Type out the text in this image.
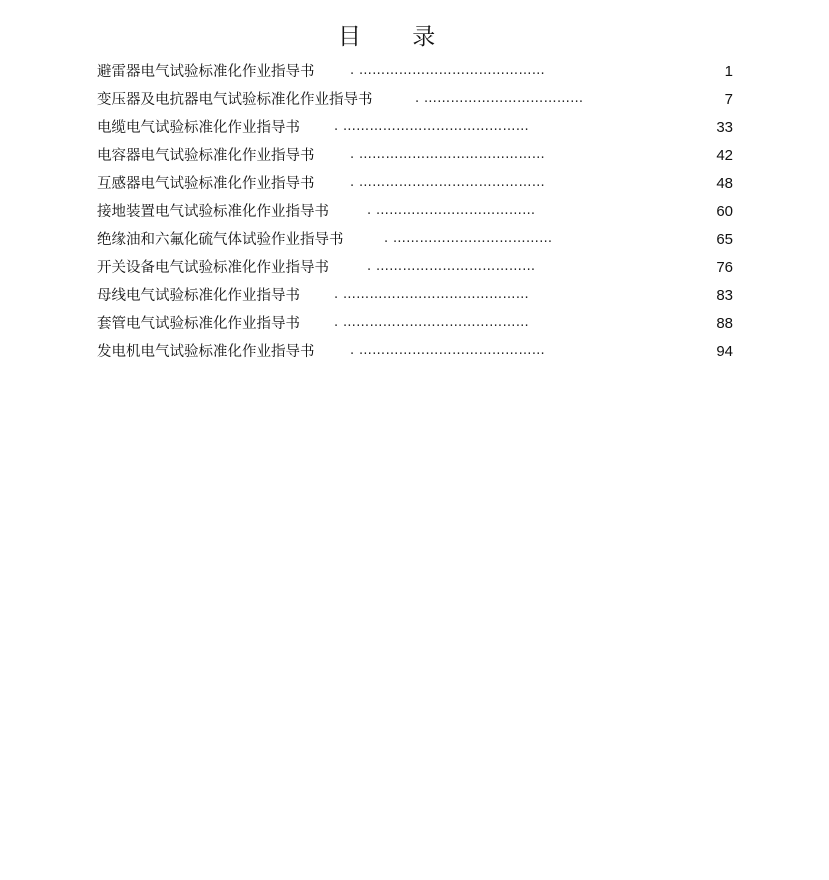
目 录
避雷器电气试验标准化作业指导书	. ……………………………………	1
变压器及电抗器电气试验标准化作业指导书	. ………………………………	7
电缆电气试验标准化作业指导书	. ……………………………………	33
电容器电气试验标准化作业指导书	. ……………………………………	42
互感器电气试验标准化作业指导书	. ……………………………………	48
接地装置电气试验标准化作业指导书	. ………………………………	60
绝缘油和六氟化硫气体试验作业指导书	. ………………………………	65
开关设备电气试验标准化作业指导书	. ………………………………	76
母线电气试验标准化作业指导书	. ……………………………………	83
套管电气试验标准化作业指导书	. ……………………………………	88
发电机电气试验标准化作业指导书	. ……………………………………	94
